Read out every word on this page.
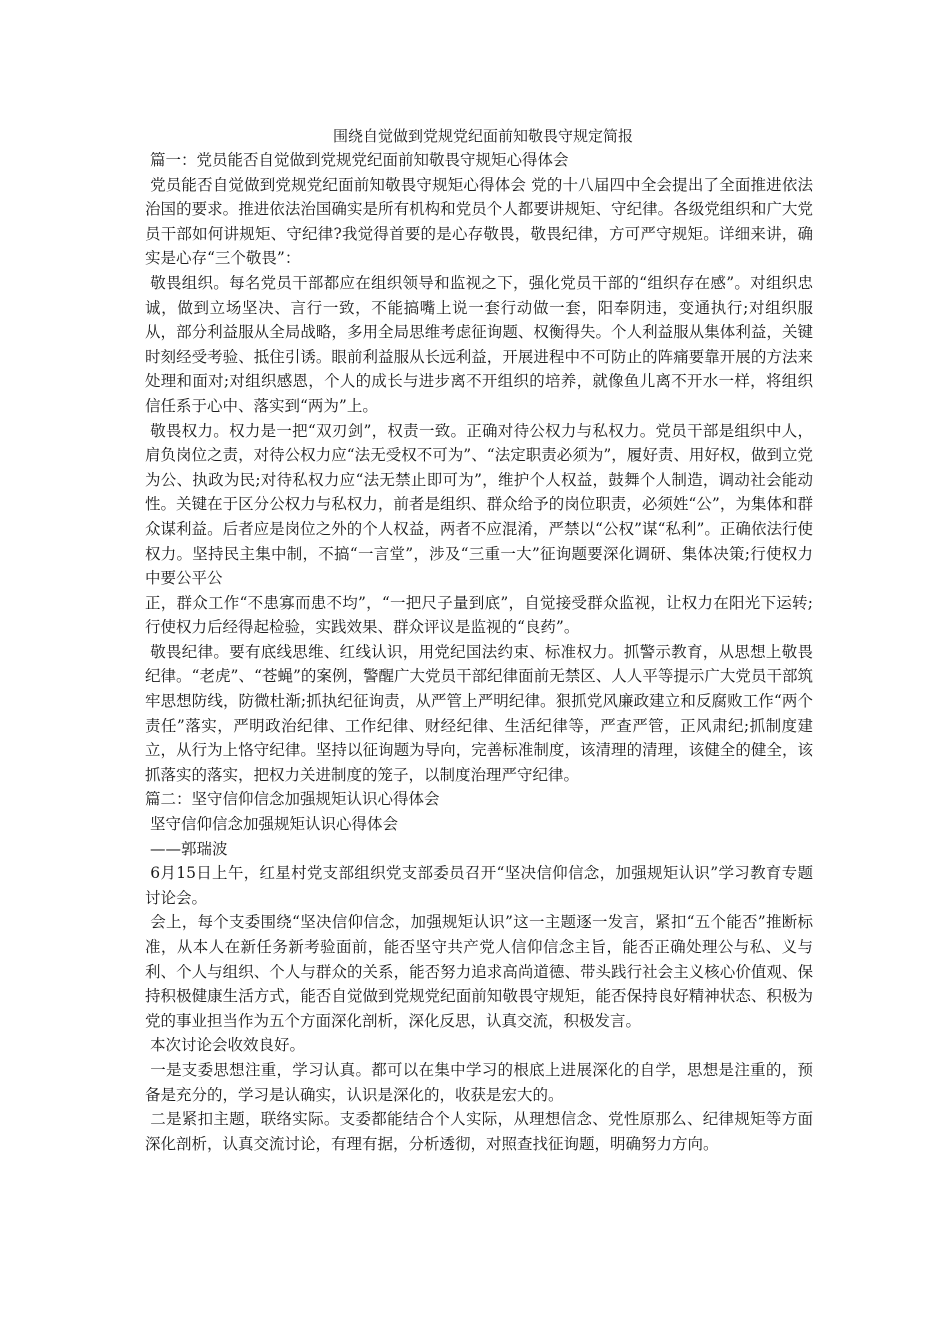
围绕自觉做到党规党纪面前知敬畏守规定简报

篇一：党员能否自觉做到党规党纪面前知敬畏守规矩心得体会

党员能否自觉做到党规党纪面前知敬畏守规矩心得体会 党的十八届四中全会提出了全面推进依法治国的要求。推进依法治国确实是所有机构和党员个人都要讲规矩、守纪律。各级党组织和广大党员干部如何讲规矩、守纪律?我觉得首要的是心存敬畏，敬畏纪律，方可严守规矩。详细来讲，确实是心存“三个敬畏”：

敬畏组织。每名党员干部都应在组织领导和监视之下，强化党员干部的“组织存在感”。对组织忠诚，做到立场坚决、言行一致，不能搞嘴上说一套行动做一套，阳奉阴违，变通执行;对组织服从，部分利益服从全局战略，多用全局思维考虑征询题、权衡得失。个人利益服从集体利益，关键时刻经受考验、抵住引诱。眼前利益服从长远利益，开展进程中不可防止的阵痛要靠开展的方法来处理和面对;对组织感恩，个人的成长与进步离不开组织的培养，就像鱼儿离不开水一样，将组织信任系于心中、落实到“两为”上。

敬畏权力。权力是一把“双刃剑”，权责一致。正确对待公权力与私权力。党员干部是组织中人，肩负岗位之责，对待公权力应“法无受权不可为”、“法定职责必须为”，履好责、用好权，做到立党为公、执政为民;对待私权力应“法无禁止即可为”，维护个人权益，鼓舞个人制造，调动社会能动性。关键在于区分公权力与私权力，前者是组织、群众给予的岗位职责，必须姓“公”，为集体和群众谋利益。后者应是岗位之外的个人权益，两者不应混淆，严禁以“公权”谋“私利”。正确依法行使权力。坚持民主集中制，不搞“一言堂”，涉及“三重一大”征询题要深化调研、集体决策;行使权力中要公平公

正，群众工作“不患寡而患不均”，“一把尺子量到底”，自觉接受群众监视，让权力在阳光下运转;行使权力后经得起检验，实践效果、群众评议是监视的“良药”。

敬畏纪律。要有底线思维、红线认识，用党纪国法约束、标准权力。抓警示教育，从思想上敬畏纪律。“老虎”、“苍蝇”的案例，警醒广大党员干部纪律面前无禁区、人人平等提示广大党员干部筑牢思想防线，防微杜渐;抓执纪征询责，从严管上严明纪律。狠抓党风廉政建立和反腐败工作“两个责任”落实，严明政治纪律、工作纪律、财经纪律、生活纪律等，严查严管，正风肃纪;抓制度建立，从行为上恪守纪律。坚持以征询题为导向，完善标准制度，该清理的清理，该健全的健全，该抓落实的落实，把权力关进制度的笼子，以制度治理严守纪律。

篇二：坚守信仰信念加强规矩认识心得体会

坚守信仰信念加强规矩认识心得体会

——郭瑞波

6月15日上午，红星村党支部组织党支部委员召开“坚决信仰信念，加强规矩认识”学习教育专题讨论会。

会上，每个支委围绕“坚决信仰信念，加强规矩认识”这一主题逐一发言，紧扣“五个能否”推断标准，从本人在新任务新考验面前，能否坚守共产党人信仰信念主旨，能否正确处理公与私、义与利、个人与组织、个人与群众的关系，能否努力追求高尚道德、带头践行社会主义核心价值观、保持积极健康生活方式，能否自觉做到党规党纪面前知敬畏守规矩，能否保持良好精神状态、积极为党的事业担当作为五个方面深化剖析，深化反思，认真交流，积极发言。

本次讨论会收效良好。

一是支委思想注重，学习认真。都可以在集中学习的根底上进展深化的自学，思想是注重的，预备是充分的，学习是认确实，认识是深化的，收获是宏大的。

二是紧扣主题，联络实际。支委都能结合个人实际，从理想信念、党性原那么、纪律规矩等方面深化剖析，认真交流讨论，有理有据，分析透彻，对照查找征询题，明确努力方向。
